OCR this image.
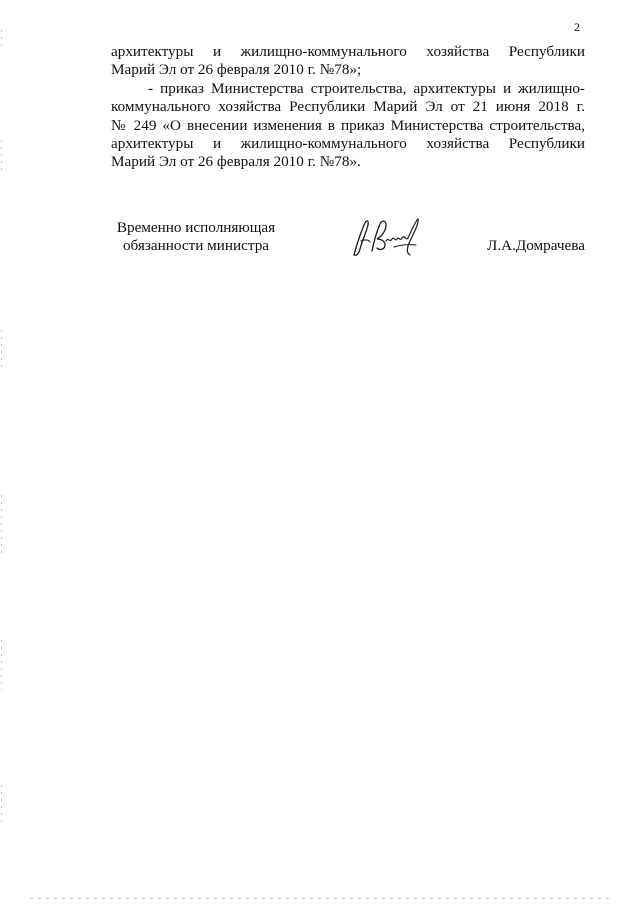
2
архитектуры и жилищно-коммунального хозяйства Республики
Марий Эл от 26 февраля 2010 г. №78»;
- приказ Министерства строительства, архитектуры и жилищно-
коммунального хозяйства Республики Марий Эл от 21 июня 2018 г.
№ 249 «О внесении изменения в приказ Министерства строительства,
архитектуры и жилищно-коммунального хозяйства Республики
Марий Эл от 26 февраля 2010 г. №78».
Временно исполняющая
обязанности министра	Л.А.Домрачева
